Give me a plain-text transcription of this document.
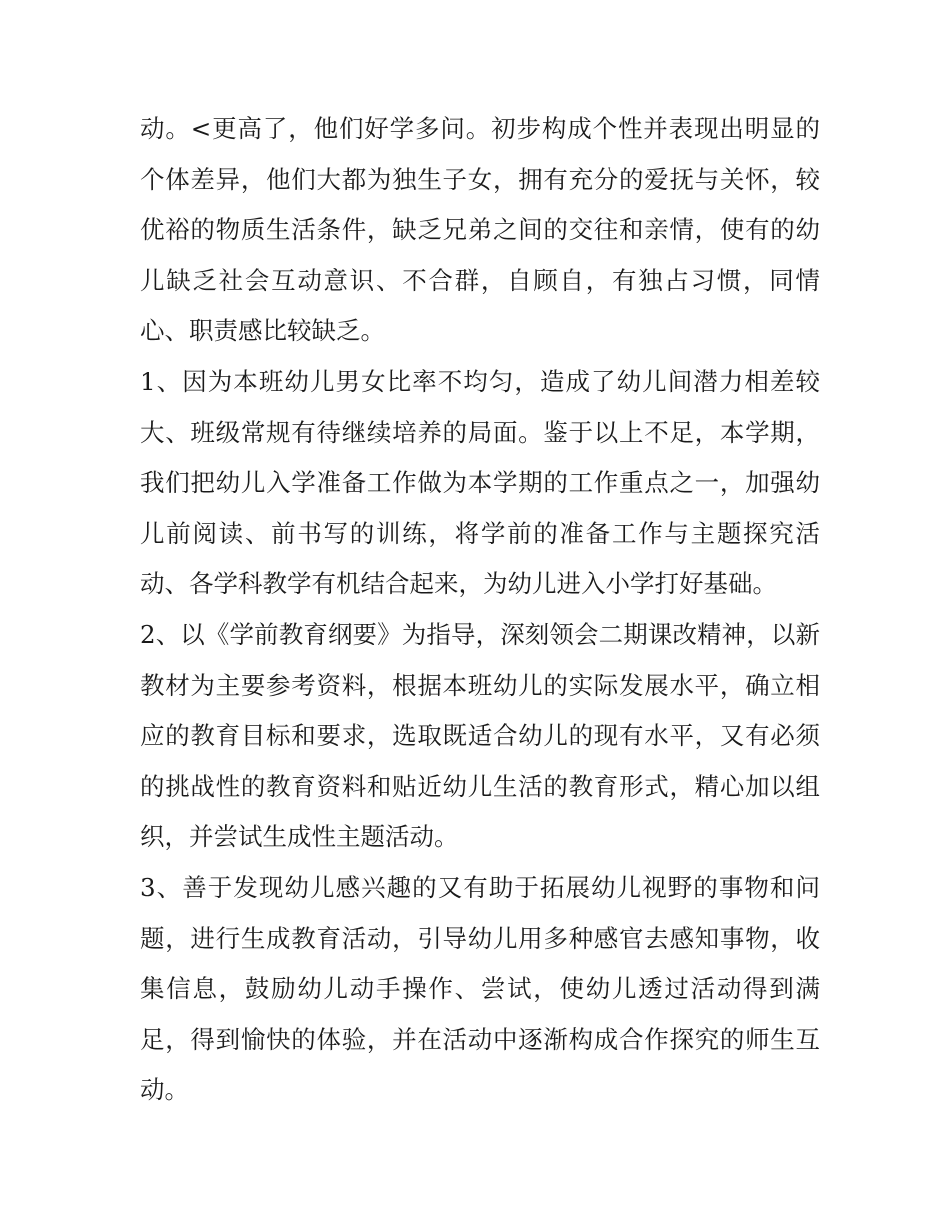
动。<更高了，他们好学多问。初步构成个性并表现出明显的个体差异，他们大都为独生子女，拥有充分的爱抚与关怀，较优裕的物质生活条件，缺乏兄弟之间的交往和亲情，使有的幼儿缺乏社会互动意识、不合群，自顾自，有独占习惯，同情心、职责感比较缺乏。

1、因为本班幼儿男女比率不均匀，造成了幼儿间潜力相差较大、班级常规有待继续培养的局面。鉴于以上不足，本学期，我们把幼儿入学准备工作做为本学期的工作重点之一，加强幼儿前阅读、前书写的训练，将学前的准备工作与主题探究活动、各学科教学有机结合起来，为幼儿进入小学打好基础。

2、以《学前教育纲要》为指导，深刻领会二期课改精神，以新教材为主要参考资料，根据本班幼儿的实际发展水平，确立相应的教育目标和要求，选取既适合幼儿的现有水平，又有必须的挑战性的教育资料和贴近幼儿生活的教育形式，精心加以组织，并尝试生成性主题活动。

3、善于发现幼儿感兴趣的又有助于拓展幼儿视野的事物和问题，进行生成教育活动，引导幼儿用多种感官去感知事物，收集信息，鼓励幼儿动手操作、尝试，使幼儿透过活动得到满足，得到愉快的体验，并在活动中逐渐构成合作探究的师生互动。
